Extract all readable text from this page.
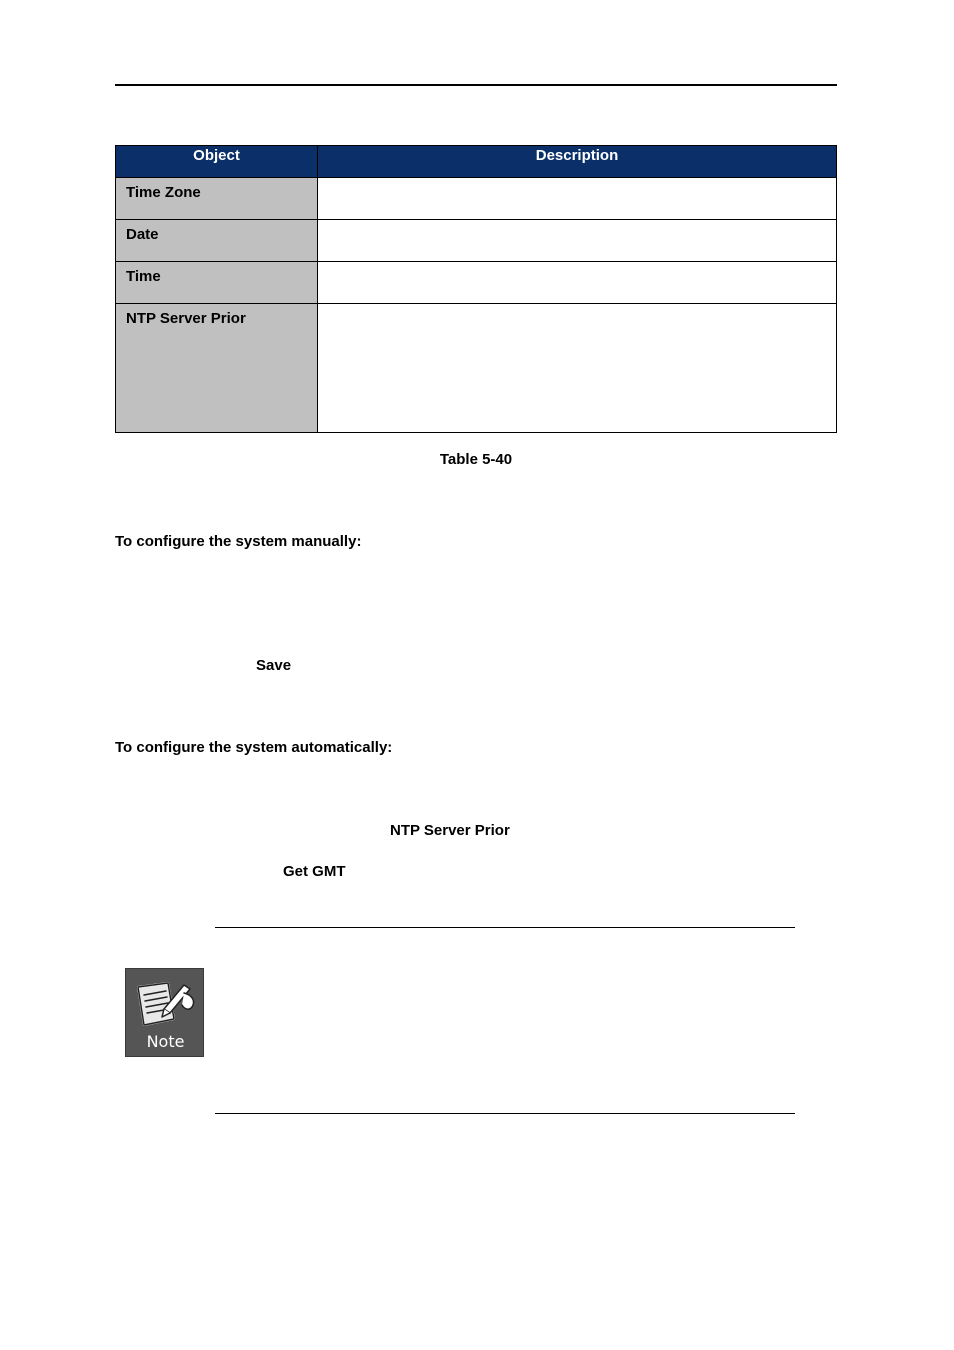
Object	Description
Time Zone	
Date	
Time	
NTP Server Prior	
Table 5-40
To configure the system manually:
Save
To configure the system automatically:
NTP Server Prior
Get GMT
Note
